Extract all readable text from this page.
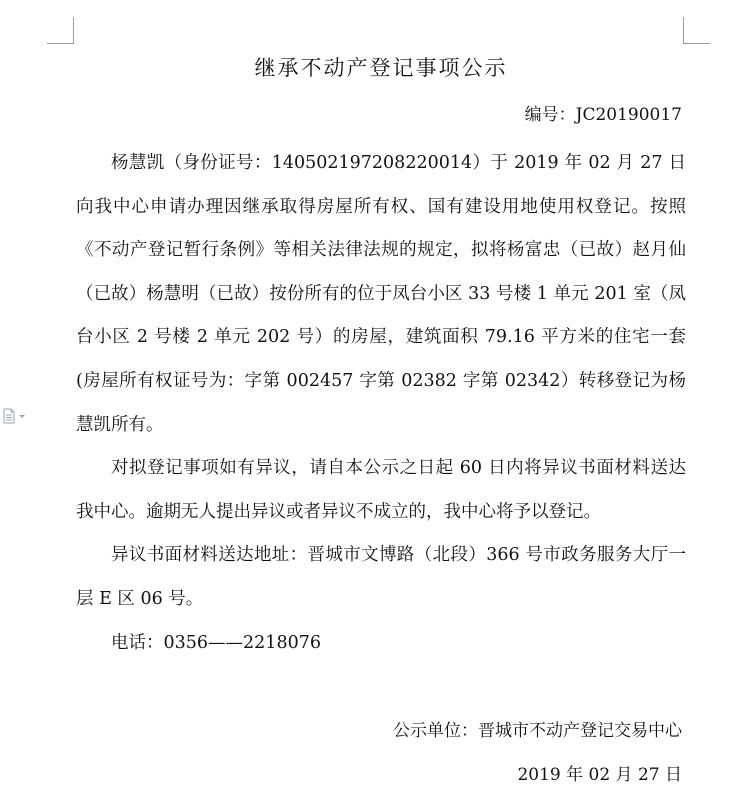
继承不动产登记事项公示
编号：JC20190017

杨慧凯（身份证号：140502197208220014）于 2019 年 02 月 27 日向我中心申请办理因继承取得房屋所有权、国有建设用地使用权登记。按照《不动产登记暂行条例》等相关法律法规的规定，拟将杨富忠（已故）赵月仙（已故）杨慧明（已故）按份所有的位于凤台小区 33 号楼 1 单元 201 室（凤台小区 2 号楼 2 单元 202 号）的房屋，建筑面积 79.16 平方米的住宅一套(房屋所有权证号为：字第 002457 字第 02382 字第 02342）转移登记为杨慧凯所有。

对拟登记事项如有异议，请自本公示之日起 60 日内将异议书面材料送达我中心。逾期无人提出异议或者异议不成立的，我中心将予以登记。

异议书面材料送达地址：晋城市文博路（北段）366 号市政务服务大厅一层 E 区 06 号。

电话：0356——2218076

公示单位：晋城市不动产登记交易中心
2019 年 02 月 27 日
